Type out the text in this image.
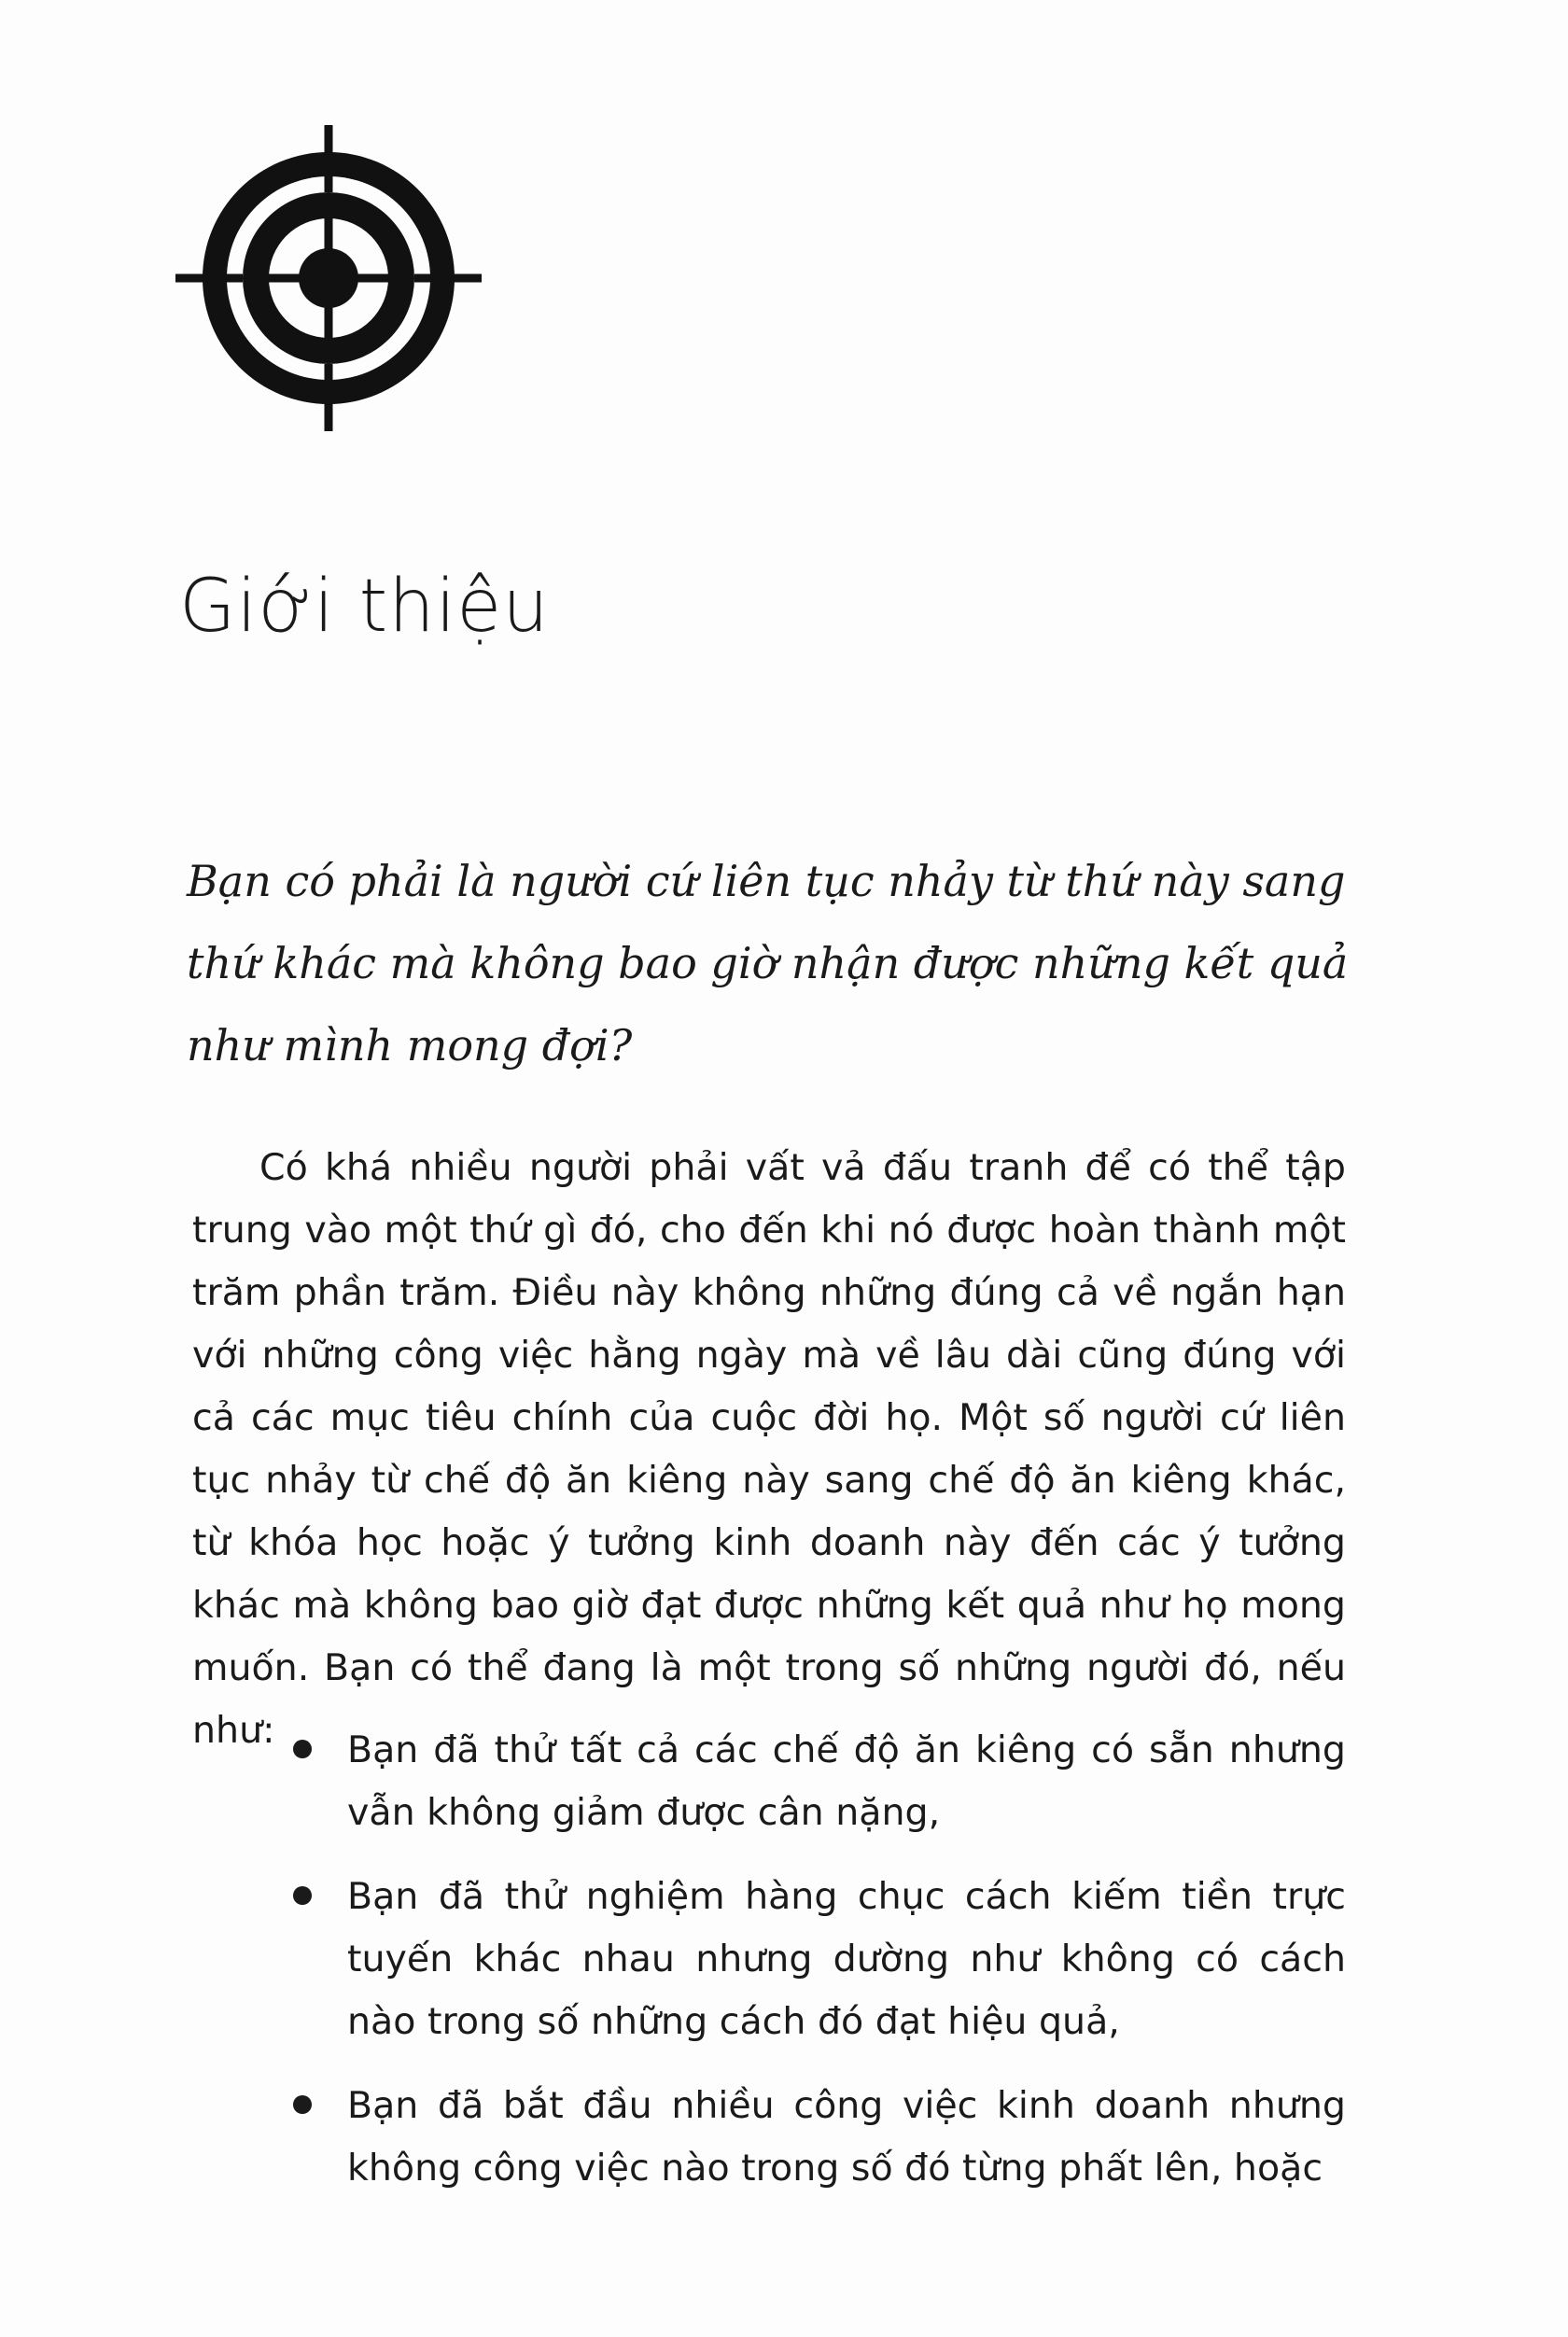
Giới thiệu

Bạn có phải là người cứ liên tục nhảy từ thứ này sang thứ khác mà không bao giờ nhận được những kết quả như mình mong đợi?

Có khá nhiều người phải vất vả đấu tranh để có thể tập trung vào một thứ gì đó, cho đến khi nó được hoàn thành một trăm phần trăm. Điều này không những đúng cả về ngắn hạn với những công việc hằng ngày mà về lâu dài cũng đúng với cả các mục tiêu chính của cuộc đời họ. Một số người cứ liên tục nhảy từ chế độ ăn kiêng này sang chế độ ăn kiêng khác, từ khóa học hoặc ý tưởng kinh doanh này đến các ý tưởng khác mà không bao giờ đạt được những kết quả như họ mong muốn. Bạn có thể đang là một trong số những người đó, nếu như:	Bạn đã thử tất cả các chế độ ăn kiêng có sẵn nhưng vẫn không giảm được cân nặng,
Bạn đã thử nghiệm hàng chục cách kiếm tiền trực tuyến khác nhau nhưng dường như không có cách nào trong số những cách đó đạt hiệu quả,
Bạn đã bắt đầu nhiều công việc kinh doanh nhưng không công việc nào trong số đó từng phất lên, hoặc
